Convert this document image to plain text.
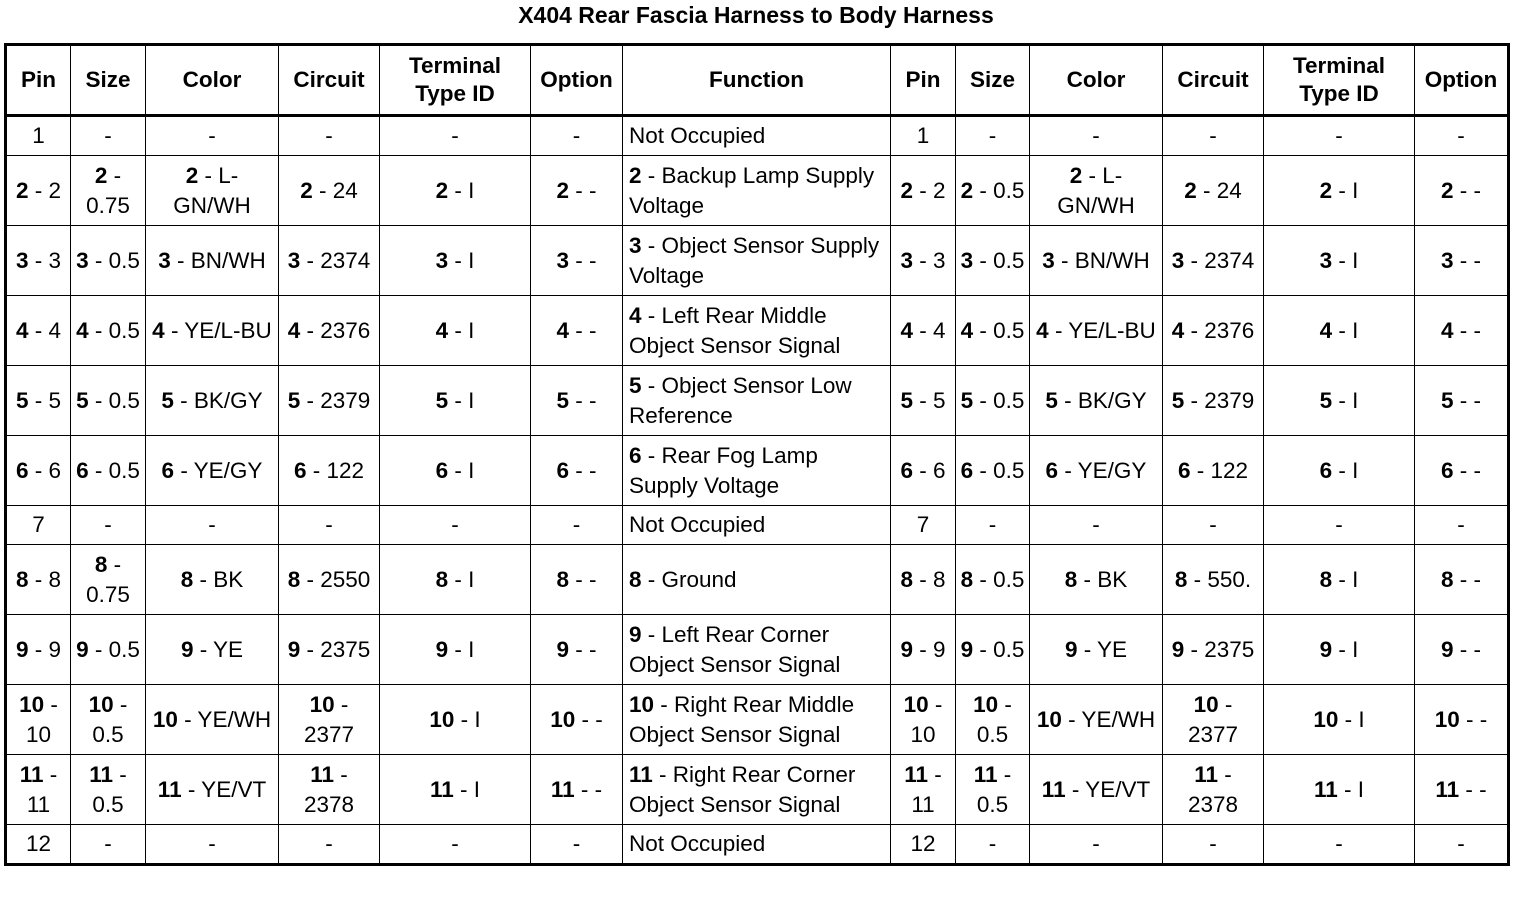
X404 Rear Fascia Harness to Body Harness
Pin	Size	Color	Circuit	Terminal Type ID	Option	Function	Pin	Size	Color	Circuit	Terminal Type ID	Option
1	-	-	-	-	-	Not Occupied	1	-	-	-	-	-
2 - 2	2 - 0.75	2 - L-GN/WH	2 - 24	2 - I	2 - -	2 - Backup Lamp Supply Voltage	2 - 2	2 - 0.5	2 - L-GN/WH	2 - 24	2 - I	2 - -
3 - 3	3 - 0.5	3 - BN/WH	3 - 2374	3 - I	3 - -	3 - Object Sensor Supply Voltage	3 - 3	3 - 0.5	3 - BN/WH	3 - 2374	3 - I	3 - -
4 - 4	4 - 0.5	4 - YE/L-BU	4 - 2376	4 - I	4 - -	4 - Left Rear Middle Object Sensor Signal	4 - 4	4 - 0.5	4 - YE/L-BU	4 - 2376	4 - I	4 - -
5 - 5	5 - 0.5	5 - BK/GY	5 - 2379	5 - I	5 - -	5 - Object Sensor Low Reference	5 - 5	5 - 0.5	5 - BK/GY	5 - 2379	5 - I	5 - -
6 - 6	6 - 0.5	6 - YE/GY	6 - 122	6 - I	6 - -	6 - Rear Fog Lamp Supply Voltage	6 - 6	6 - 0.5	6 - YE/GY	6 - 122	6 - I	6 - -
7	-	-	-	-	-	Not Occupied	7	-	-	-	-	-
8 - 8	8 - 0.75	8 - BK	8 - 2550	8 - I	8 - -	8 - Ground	8 - 8	8 - 0.5	8 - BK	8 - 550.	8 - I	8 - -
9 - 9	9 - 0.5	9 - YE	9 - 2375	9 - I	9 - -	9 - Left Rear Corner Object Sensor Signal	9 - 9	9 - 0.5	9 - YE	9 - 2375	9 - I	9 - -
10 - 10	10 - 0.5	10 - YE/WH	10 - 2377	10 - I	10 - -	10 - Right Rear Middle Object Sensor Signal	10 - 10	10 - 0.5	10 - YE/WH	10 - 2377	10 - I	10 - -
11 - 11	11 - 0.5	11 - YE/VT	11 - 2378	11 - I	11 - -	11 - Right Rear Corner Object Sensor Signal	11 - 11	11 - 0.5	11 - YE/VT	11 - 2378	11 - I	11 - -
12	-	-	-	-	-	Not Occupied	12	-	-	-	-	-
